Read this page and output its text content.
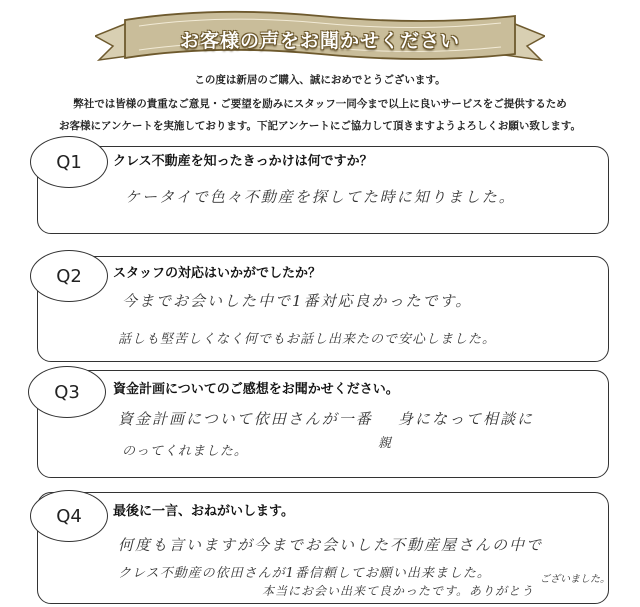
お客様の声をお聞かせください
この度は新居のご購入、誠におめでとうございます。
弊社では皆様の貴重なご意見・ご要望を励みにスタッフ一同今まで以上に良いサービスをご提供するため
お客様にアンケートを実施しております。下記アンケートにご協力して頂きますようよろしくお願い致します。
Q1	クレス不動産を知ったきっかけは何ですか？
ケータイで色々不動産を探してた時に知りました。
Q2	スタッフの対応はいかがでしたか？
今までお会いした中で1番対応良かったです。
話しも堅苦しくなく何でもお話し出来たので安心しました。
Q3	資金計画についてのご感想をお聞かせください。
資金計画について依田さんが一番 身になって相談に
親
のってくれました。
Q4	最後に一言、おねがいします。
何度も言いますが今までお会いした不動産屋さんの中で
クレス不動産の依田さんが1番信頼してお願い出来ました。
本当にお会い出来て良かったです。ありがとう
ございました。
